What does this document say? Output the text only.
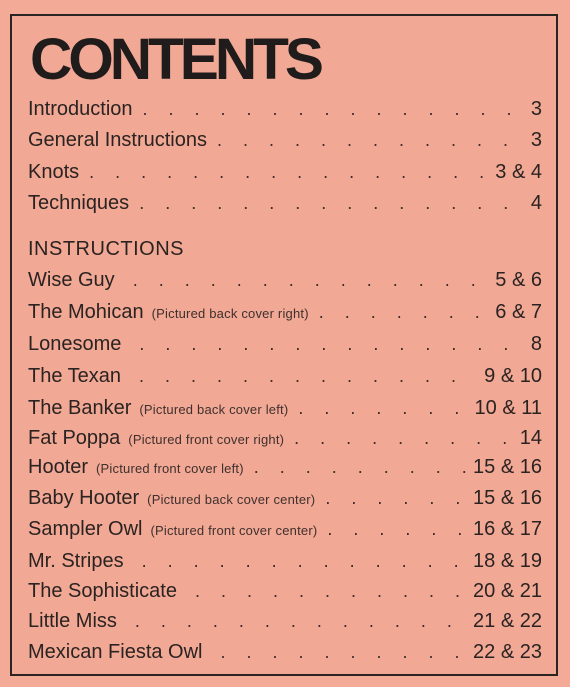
CONTENTS
Introduction . . .	3
General Instructions . . .	3
Knots . . .	3 & 4
Techniques . . .	4
INSTRUCTIONS
Wise Guy . . .	5 & 6
The Mohican (Pictured back cover right) . . .	6 & 7
Lonesome . . .	8
The Texan . . .	9 & 10
The Banker (Pictured back cover left) . . .	10 & 11
Fat Poppa (Pictured front cover right) . . .	14
Hooter (Pictured front cover left) . . .	15 & 16
Baby Hooter (Pictured back cover center) . . .	15 & 16
Sampler Owl (Pictured front cover center) . . .	16 & 17
Mr. Stripes . . .	18 & 19
The Sophisticate . . .	20 & 21
Little Miss . . .	21 & 22
Mexican Fiesta Owl . . .	22 & 23
